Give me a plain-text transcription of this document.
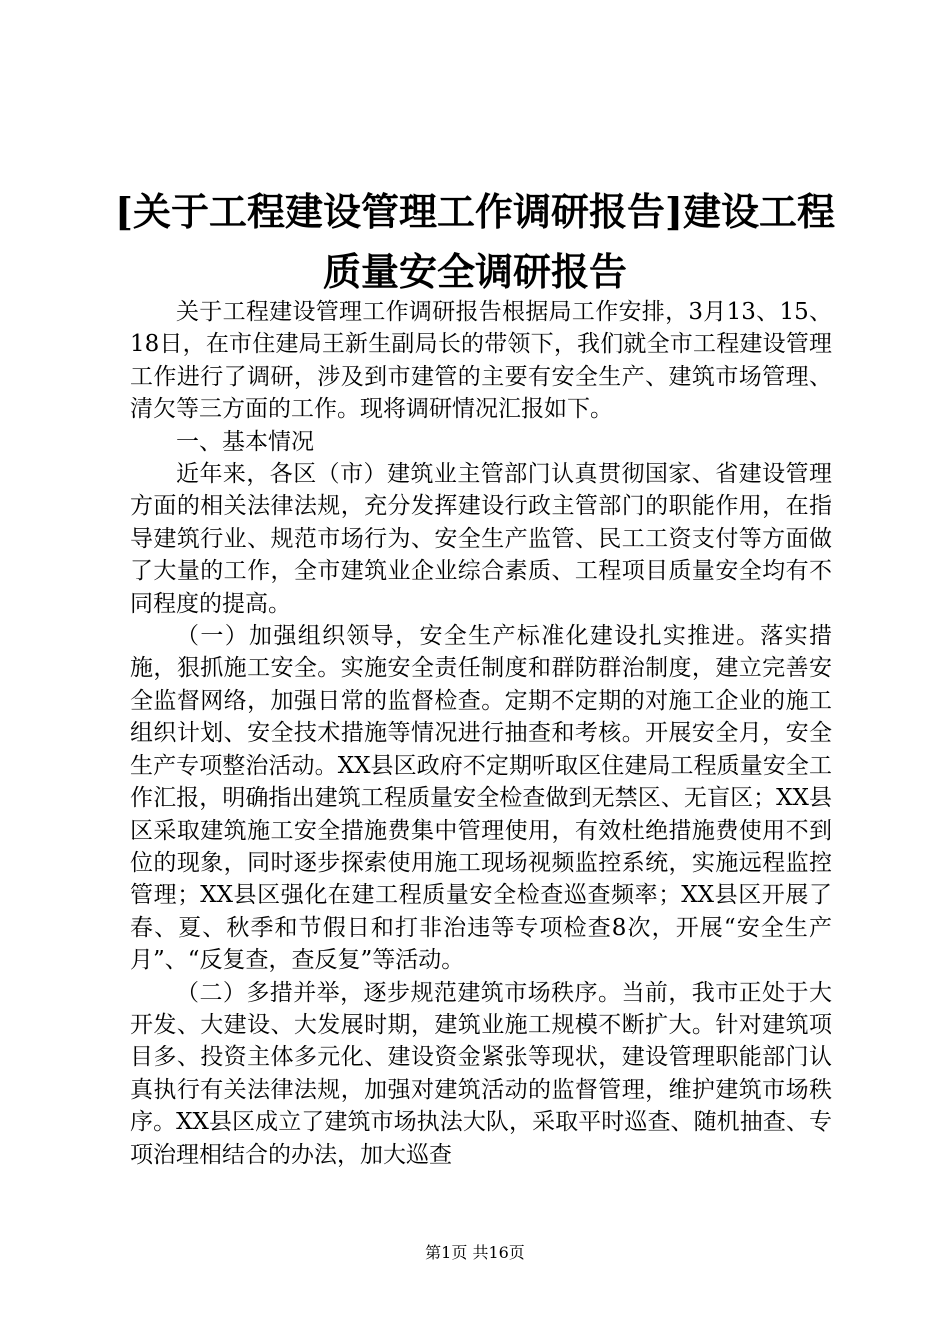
[关于工程建设管理工作调研报告]建设工程质量安全调研报告

关于工程建设管理工作调研报告根据局工作安排，3月13、15、18日，在市住建局王新生副局长的带领下，我们就全市工程建设管理工作进行了调研，涉及到市建管的主要有安全生产、建筑市场管理、清欠等三方面的工作。现将调研情况汇报如下。

一、基本情况

近年来，各区（市）建筑业主管部门认真贯彻国家、省建设管理方面的相关法律法规，充分发挥建设行政主管部门的职能作用，在指导建筑行业、规范市场行为、安全生产监管、民工工资支付等方面做了大量的工作，全市建筑业企业综合素质、工程项目质量安全均有不同程度的提高。

（一）加强组织领导，安全生产标准化建设扎实推进。落实措施，狠抓施工安全。实施安全责任制度和群防群治制度，建立完善安全监督网络，加强日常的监督检查。定期不定期的对施工企业的施工组织计划、安全技术措施等情况进行抽查和考核。开展安全月，安全生产专项整治活动。XX县区政府不定期听取区住建局工程质量安全工作汇报，明确指出建筑工程质量安全检查做到无禁区、无盲区；XX县区采取建筑施工安全措施费集中管理使用，有效杜绝措施费使用不到位的现象，同时逐步探索使用施工现场视频监控系统，实施远程监控管理；XX县区强化在建工程质量安全检查巡查频率；XX县区开展了春、夏、秋季和节假日和打非治违等专项检查8次，开展“安全生产月”、“反复查，查反复”等活动。

（二）多措并举，逐步规范建筑市场秩序。当前，我市正处于大开发、大建设、大发展时期，建筑业施工规模不断扩大。针对建筑项目多、投资主体多元化、建设资金紧张等现状，建设管理职能部门认真执行有关法律法规，加强对建筑活动的监督管理，维护建筑市场秩序。XX县区成立了建筑市场执法大队，采取平时巡查、随机抽查、专项治理相结合的办法，加大巡查

第1页 共16页
